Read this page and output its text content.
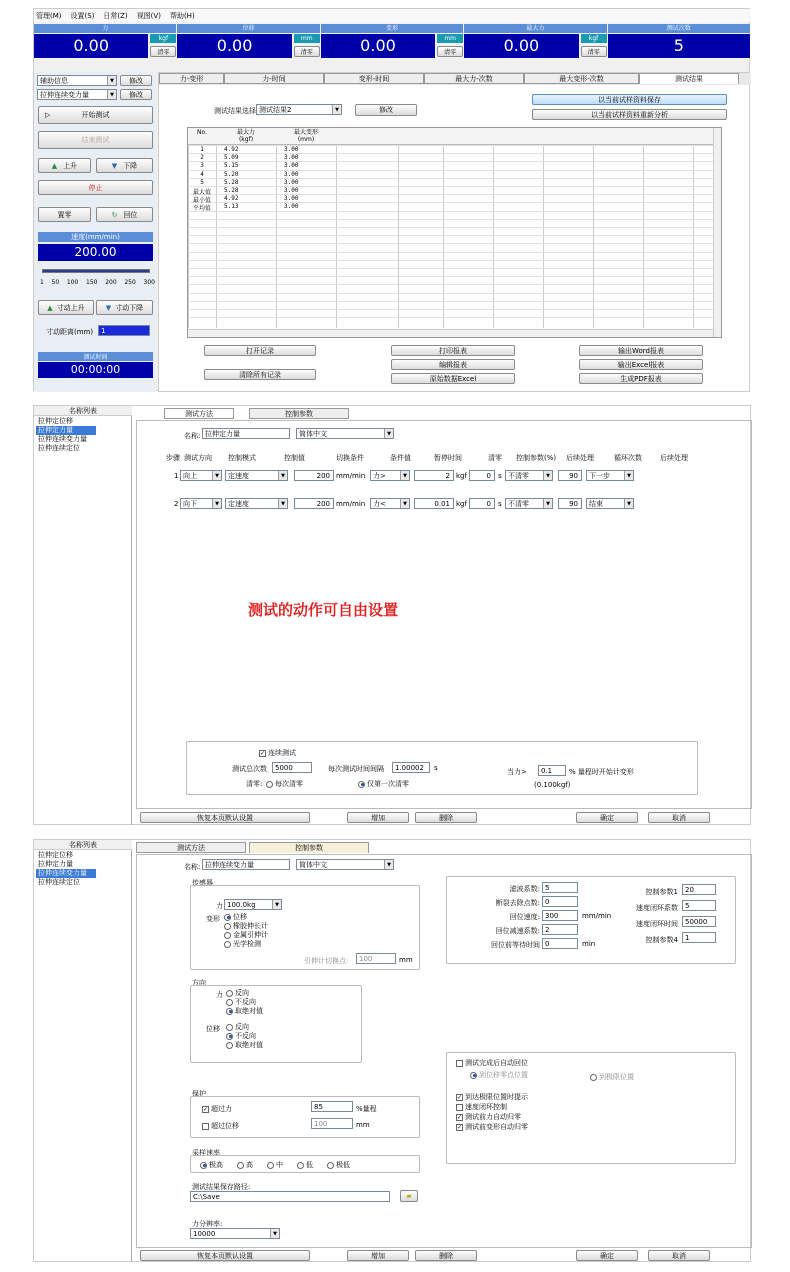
管理(M) 设置(S) 日常(Z) 视图(V) 帮助(H)
力
0.00	kgf
清零
位移
0.00	mm
清零
变形
0.00	mm
清零
最大力
0.00	kgf
清零
测试次数
5
辅助信息	▼	修改
拉伸连续变力量	▼	修改
▷	开始测试
结束测试
▲ 上升	▼ 下降
停止
置零	↻ 回位
速度(mm/min)
200.00
1 50 100 150 200 250 300
▲ 寸动上升	▼ 寸动下降
寸动距离(mm)	1
测试时间
00:00:00
力-变形	力-时间	变形-时间	最大力-次数	最大变形-次数	测试结果
测试结果选择 测试结果2	▼	修改
以当前试样资料保存
以当前试样资料重新分析
No.	最大力
(kgf)
最大变形
(mm)
1	4.92	3.00
2	5.09	3.00
3	5.15	3.00
4	5.20	3.00
5	5.28	3.00
最大值	5.28	3.00
最小值	4.92	3.00
平均值	5.13	3.00
打开记录
清除所有记录
打印报表
编辑报表
原始数据Excel
输出Word报表
输出Excel报表
生成PDF报表
名称列表
拉伸定位移
拉伸定力量
拉伸连续变力量
拉伸连续定位
测试方法	控制参数
名称: 拉伸定力量	简体中文	▼
步骤 测试方向 控制模式	控制值	切换条件	条件值	暂停时间	清零 控制参数(%) 后续处理	循环次数	后续处理
1 向上	▼ 定速度	▼	200 mm/min 力>	▼	2 kgf	0	s 不清零	▼	90	下一步	▼
2 向下	▼ 定速度	▼	200 mm/min 力<	▼	0.01 kgf	0	s 不清零	▼	90	结束	▼
测试的动作可自由设置
✓ 连续测试
测试总次数	5000	每次测试时间间隔	1.00002	s
清零:	每次清零	仅第一次清零
当力>	0.1	% 量程时开始计变形
(0.100kgf)
恢复本页默认设置	增加	删除	确定	取消
名称列表
拉伸定位移
拉伸定力量
拉伸连续变力量
拉伸连续定位
测试方法	控制参数
名称: 拉伸连续变力量	简体中文	▼
传感器
力 100.0kg	▼
变形	位移
橡胶伸长计
金属引伸计
光学检测
引伸计切换点:	100	mm
滤波系数: 5
断裂去除点数: 0
回位速度: 300	mm/min
回位减速系数: 2
回位前等待时间 0	min
控制参数1	20
速度闭环系数	5
速度闭环时间	50000
控制参数4	1
方向
力	反向
不反向
取绝对值
位移	反向
不反向
取绝对值
测试完成后自动回位
到位移零点位置	到极限位置
✓ 到达极限位置时提示
速度闭环控制
✓ 测试前力自动归零
✓ 测试前变形自动归零
保护
✓ 超过力	85	%量程
超过位移	100	mm
采样速率
极高	高	中	低	极低
测试结果保存路径:
C:\Save	▰
力分辨率:
10000	▼
恢复本页默认设置	增加	删除	确定	取消
